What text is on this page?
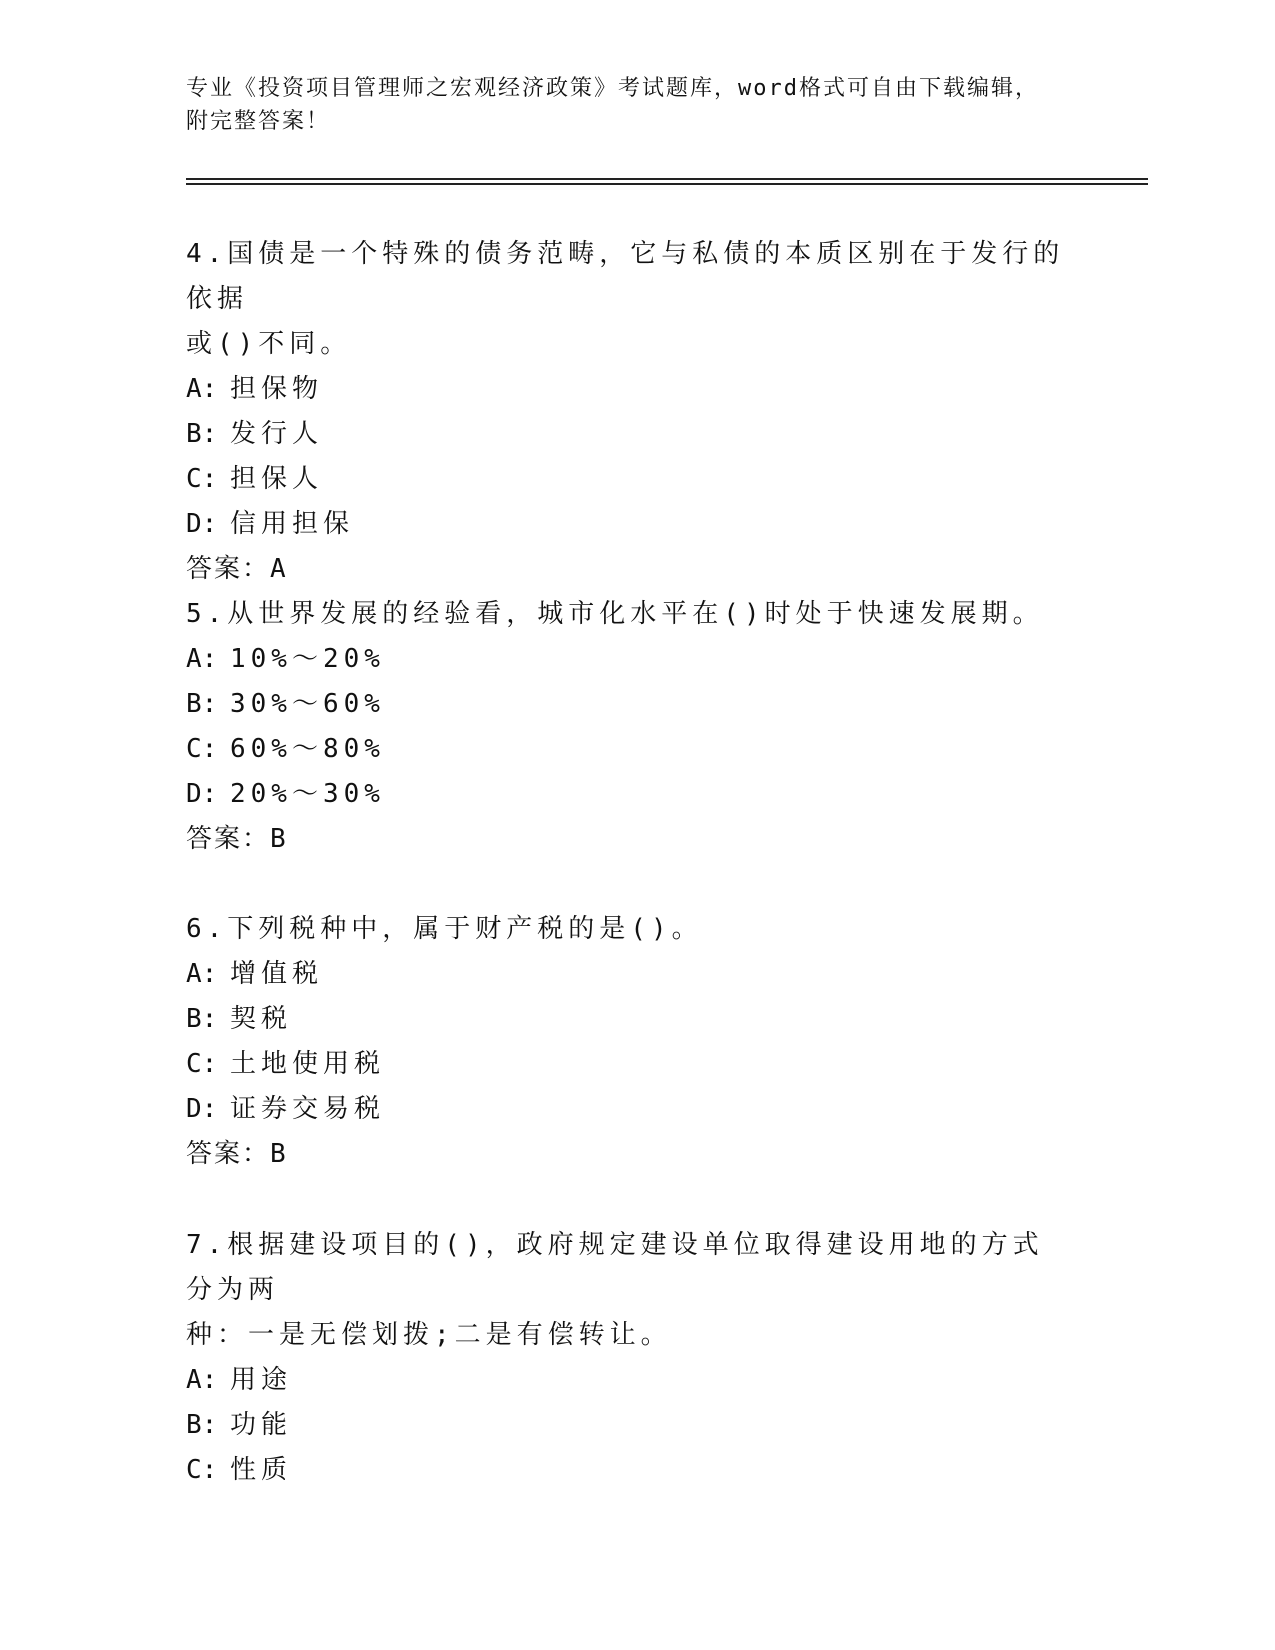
专业《投资项目管理师之宏观经济政策》考试题库，word格式可自由下载编辑，
附完整答案！
4.国债是一个特殊的债务范畴，它与私债的本质区别在于发行的依据
或()不同。
A: 担保物
B: 发行人
C: 担保人
D: 信用担保
答案：A
5.从世界发展的经验看，城市化水平在()时处于快速发展期。
A: 10%～20%
B: 30%～60%
C: 60%～80%
D: 20%～30%
答案：B
6.下列税种中，属于财产税的是()。
A: 增值税
B: 契税
C: 土地使用税
D: 证券交易税
答案：B
7.根据建设项目的()，政府规定建设单位取得建设用地的方式分为两
种：一是无偿划拨;二是有偿转让。
A: 用途
B: 功能
C: 性质
